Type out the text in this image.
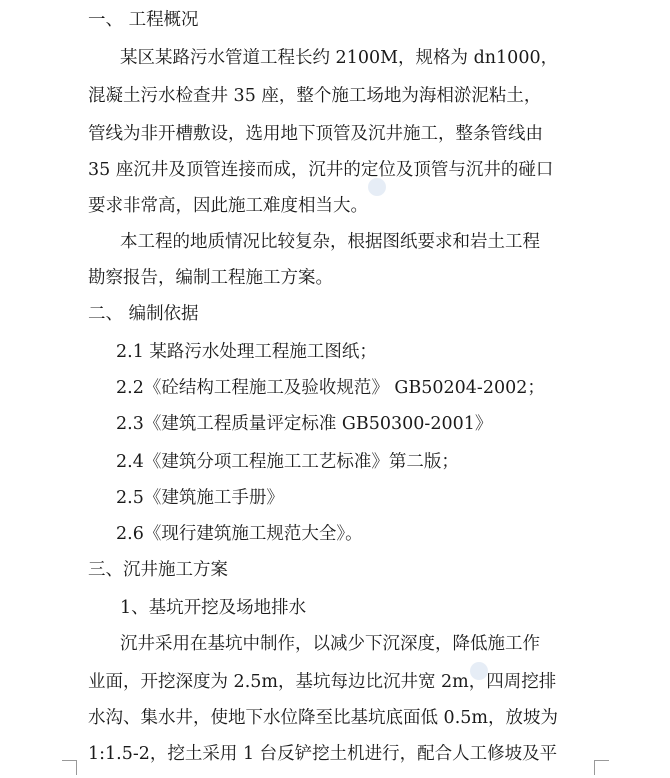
一、 工程概况
某区某路污水管道工程长约 2100M，规格为 dn1000，
混凝土污水检查井 35 座，整个施工场地为海相淤泥粘土，
管线为非开槽敷设，选用地下顶管及沉井施工，整条管线由
35 座沉井及顶管连接而成，沉井的定位及顶管与沉井的碰口
要求非常高，因此施工难度相当大。
本工程的地质情况比较复杂，根据图纸要求和岩土工程
勘察报告，编制工程施工方案。
二、 编制依据
2.1 某路污水处理工程施工图纸；
2.2《砼结构工程施工及验收规范》 GB50204-2002；
2.3《建筑工程质量评定标准 GB50300-2001》
2.4《建筑分项工程施工工艺标准》第二版；
2.5《建筑施工手册》
2.6《现行建筑施工规范大全》。
三、沉井施工方案
1、基坑开挖及场地排水
沉井采用在基坑中制作，以减少下沉深度，降低施工作
业面，开挖深度为 2.5m，基坑每边比沉井宽 2m，四周挖排
水沟、集水井，使地下水位降至比基坑底面低 0.5m，放坡为
1:1.5-2，挖土采用 1 台反铲挖土机进行，配合人工修坡及平
